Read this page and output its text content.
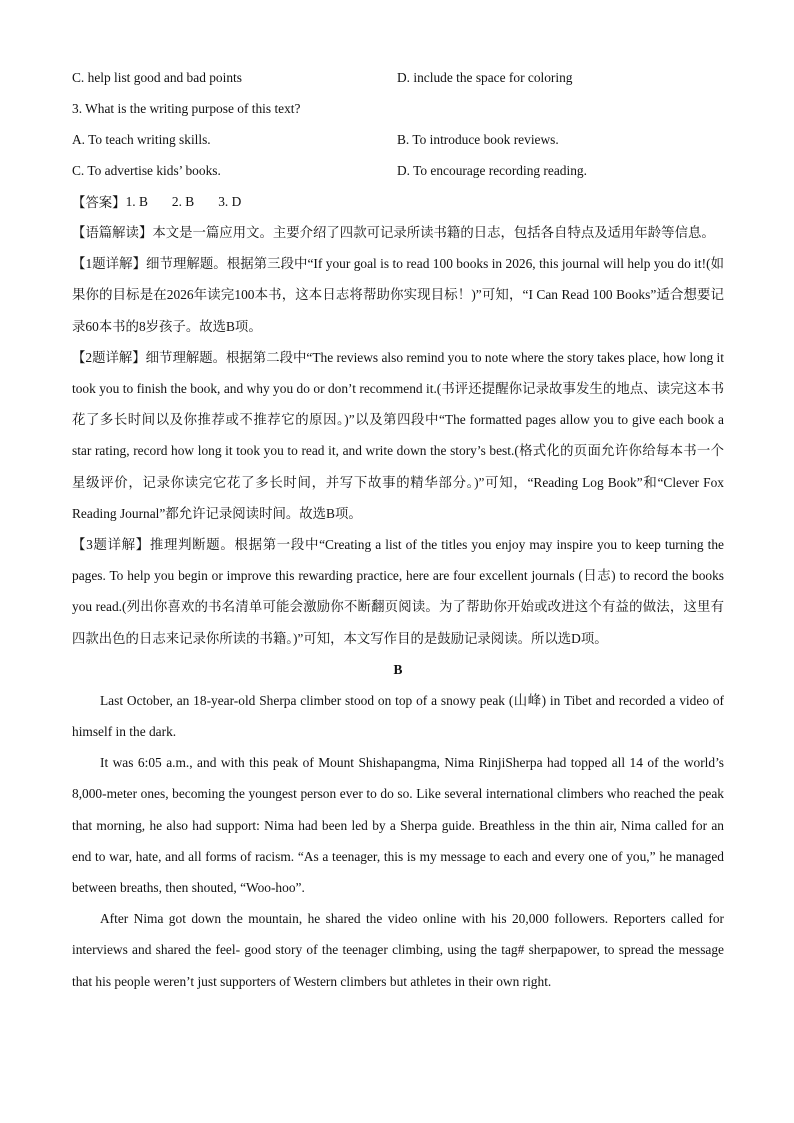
C. help list good and bad points	D. include the space for coloring
3. What is the writing purpose of this text?
A. To teach writing skills.	B. To introduce book reviews.
C. To advertise kids’ books.	D. To encourage recording reading.
【答案】 1. B 2. B 3. D
【语篇解读】本文是一篇应用文。主要介绍了四款可记录所读书籍的日志，包括各自特点及适用年龄等信息。
【1题详解】细节理解题。根据第三段中“If your goal is to read 100 books in 2026, this journal will help you do it!(如果你的目标是在2026年读完100本书，这本日志将帮助你实现目标！)”可知，“I Can Read 100 Books”适合想要记录60本书的8岁孩子。故选B项。
【2题详解】细节理解题。根据第二段中“The reviews also remind you to note where the story takes place, how long it took you to finish the book, and why you do or don’t recommend it.(书评还提醒你记录故事发生的地点、读完这本书花了多长时间以及你推荐或不推荐它的原因。)”以及第四段中“The formatted pages allow you to give each book a star rating, record how long it took you to read it, and write down the story’s best.(格式化的页面允许你给每本书一个星级评价，记录你读完它花了多长时间，并写下故事的精华部分。)”可知，“Reading Log Book”和“Clever Fox Reading Journal”都允许记录阅读时间。故选B项。
【3题详解】推理判断题。根据第一段中“Creating a list of the titles you enjoy may inspire you to keep turning the pages. To help you begin or improve this rewarding practice, here are four excellent journals (日志) to record the books you read.(列出你喜欢的书名清单可能会激励你不断翻页阅读。为了帮助你开始或改进这个有益的做法，这里有四款出色的日志来记录你所读的书籍。)”可知，本文写作目的是鼓励记录阅读。所以选D项。
B
Last October, an 18-year-old Sherpa climber stood on top of a snowy peak (山峰) in Tibet and recorded a video of himself in the dark.
It was 6:05 a.m., and with this peak of Mount Shishapangma, Nima RinjiSherpa had topped all 14 of the world’s 8,000-meter ones, becoming the youngest person ever to do so. Like several international climbers who reached the peak that morning, he also had support: Nima had been led by a Sherpa guide. Breathless in the thin air, Nima called for an end to war, hate, and all forms of racism. “As a teenager, this is my message to each and every one of you,” he managed between breaths, then shouted, “Woo-hoo”.
After Nima got down the mountain, he shared the video online with his 20,000 followers. Reporters called for interviews and shared the feel- good story of the teenager climbing, using the tag# sherpapower, to spread the message that his people weren’t just supporters of Western climbers but athletes in their own right.
